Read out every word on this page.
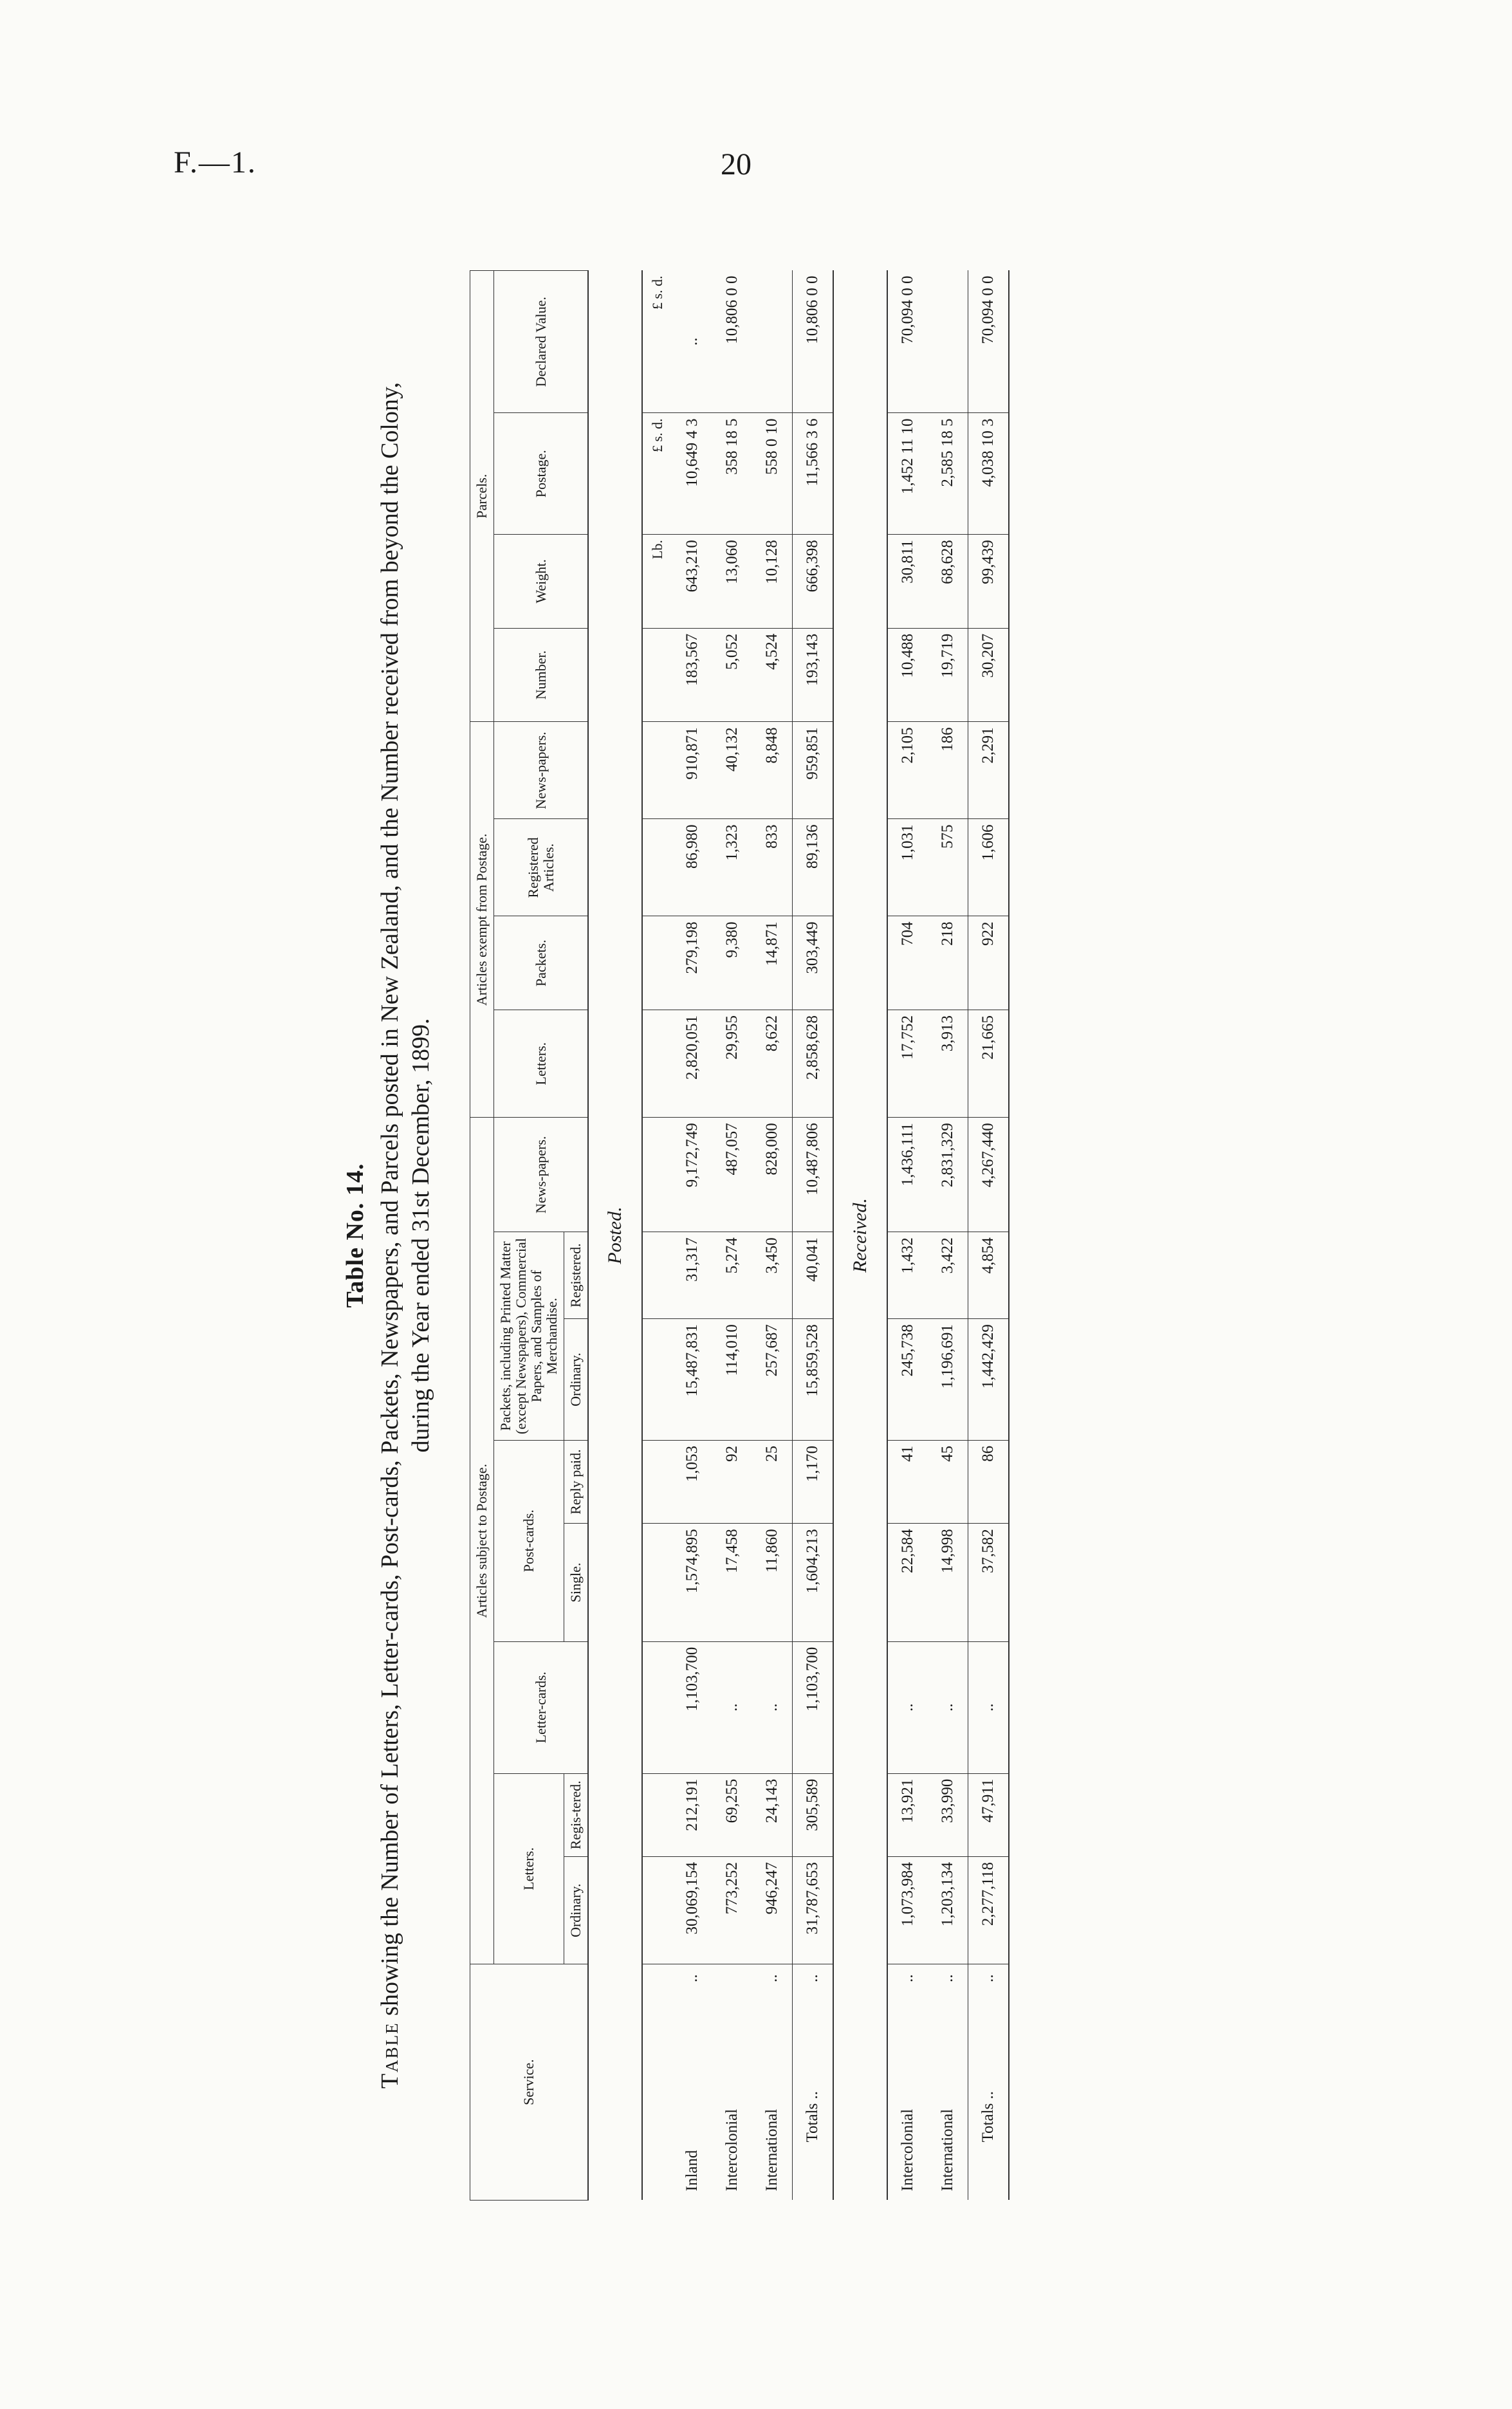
F.—1.	20
Table No. 14.
Table showing the Number of Letters, Letter-cards, Post-cards, Packets, Newspapers, and Parcels posted in New Zealand, and the Number received from beyond the Colony, during the Year ended 31st December, 1899.
Service.		Articles subject to Postage.								Articles exempt from Postage.				Parcels.			
		Letters.		Letter-cards.	Post-cards.		Packets, including Printed Matter (except Newspapers), Commercial Papers, and Samples of Merchandise.		News-papers.	Letters.	Packets.	Registered Articles.	News-papers.	Number.	Weight.	Postage.	Declared Value.
		Ordinary.	Regis-tered.		Single.	Reply paid.	Ordinary.	Registered.									
Posted.																	
															Lb.	£ s. d.	£ s. d.
Inland	..	30,069,154	212,191	1,103,700	1,574,895	1,053	15,487,831	31,317	9,172,749	2,820,051	279,198	86,980	910,871	183,567	643,210	10,649 4 3	..
Intercolonial		773,252	69,255	..	17,458	92	114,010	5,274	487,057	29,955	9,380	1,323	40,132	5,052	13,060	358 18 5	10,806 0 0
International	..	946,247	24,143	..	11,860	25	257,687	3,450	828,000	8,622	14,871	833	8,848	4,524	10,128	558 0 10	
Totals ..	..	31,787,653	305,589	1,103,700	1,604,213	1,170	15,859,528	40,041	10,487,806	2,858,628	303,449	89,136	959,851	193,143	666,398	11,566 3 6	10,806 0 0
Received.																	
Intercolonial	..	1,073,984	13,921	..	22,584	41	245,738	1,432	1,436,111	17,752	704	1,031	2,105	10,488	30,811	1,452 11 10	70,094 0 0
International	..	1,203,134	33,990	..	14,998	45	1,196,691	3,422	2,831,329	3,913	218	575	186	19,719	68,628	2,585 18 5	
Totals ..	..	2,277,118	47,911	..	37,582	86	1,442,429	4,854	4,267,440	21,665	922	1,606	2,291	30,207	99,439	4,038 10 3	70,094 0 0
